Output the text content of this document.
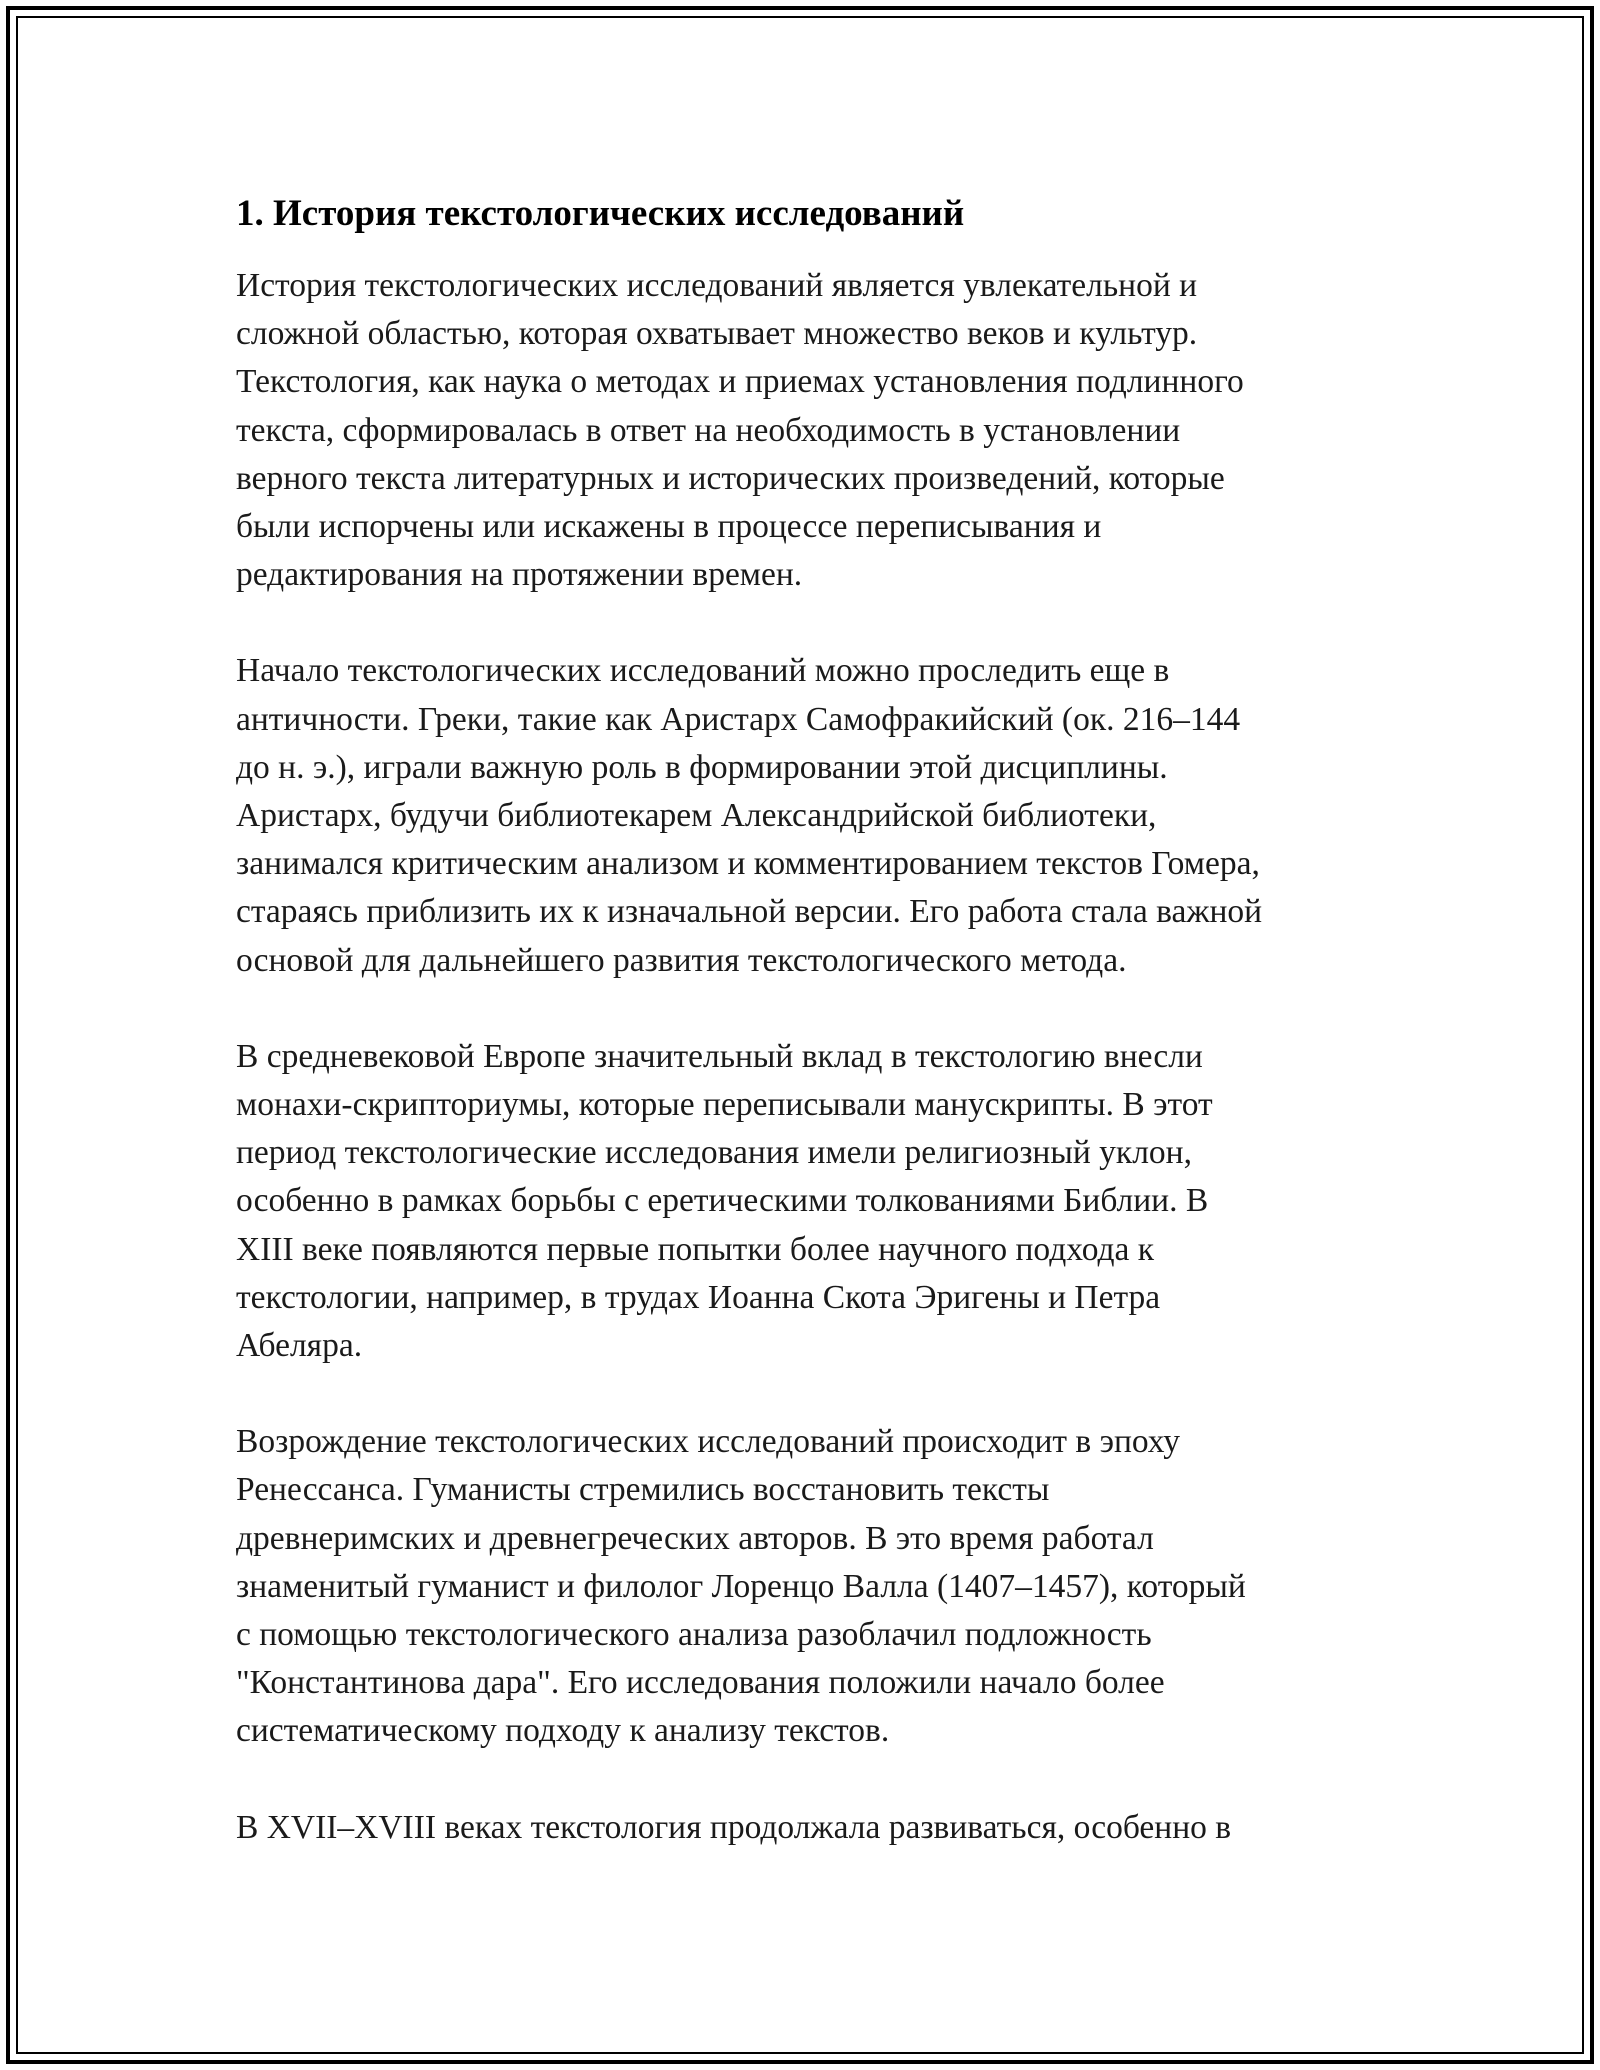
1. История текстологических исследований

История текстологических исследований является увлекательной и
сложной областью, которая охватывает множество веков и культур.
Текстология, как наука о методах и приемах установления подлинного
текста, сформировалась в ответ на необходимость в установлении
верного текста литературных и исторических произведений, которые
были испорчены или искажены в процессе переписывания и
редактирования на протяжении времен.

Начало текстологических исследований можно проследить еще в
античности. Греки, такие как Аристарх Самофракийский (ок. 216–144
до н. э.), играли важную роль в формировании этой дисциплины.
Аристарх, будучи библиотекарем Александрийской библиотеки,
занимался критическим анализом и комментированием текстов Гомера,
стараясь приблизить их к изначальной версии. Его работа стала важной
основой для дальнейшего развития текстологического метода.

В средневековой Европе значительный вклад в текстологию внесли
монахи-скрипториумы, которые переписывали манускрипты. В этот
период текстологические исследования имели религиозный уклон,
особенно в рамках борьбы с еретическими толкованиями Библии. В
XIII веке появляются первые попытки более научного подхода к
текстологии, например, в трудах Иоанна Скота Эригены и Петра
Абеляра.

Возрождение текстологических исследований происходит в эпоху
Ренессанса. Гуманисты стремились восстановить тексты
древнеримских и древнегреческих авторов. В это время работал
знаменитый гуманист и филолог Лоренцо Валла (1407–1457), который
с помощью текстологического анализа разоблачил подложность
"Константинова дара". Его исследования положили начало более
систематическому подходу к анализу текстов.

В XVII–XVIII веках текстология продолжала развиваться, особенно в
